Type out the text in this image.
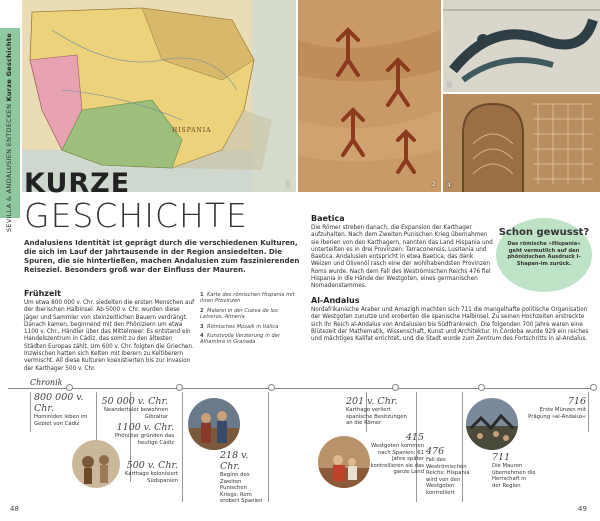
SEVILLA & ANDALUSIEN ENTDECKEN Kurze Geschichte
HISPANIA
1	2
3
4
KURZE
GESCHICHTE
Andalusiens Identität ist geprägt durch die verschiedenen Kulturen, die sich im Lauf der Jahrtausende in der Region ansiedelten. Die Spuren, die sie hinterließen, machen Andalusien zum faszinierenden Reiseziel. Besonders groß war der Einfluss der Mauren.
Frühzeit
Um etwa 800 000 v. Chr. siedelten die ersten Menschen auf der Iberischen Halbinsel. Ab 5000 v. Chr. wurden diese Jäger und Sammler von steinzeitlichen Bauern verdrängt. Danach kamen, beginnend mit den Phöniziern um etwa 1100 v. Chr., Händler über das Mittelmeer. Es entstand ein Handelszentrum in Cádiz, das somit zu den ältesten Städten Europas zählt. Um 600 v. Chr. folgten die Griechen. Inzwischen hatten sich Kelten mit Iberern zu Keltiberern vermischt. All diese Kulturen koexistierten bis zur Invasion der Karthager 500 v. Chr.
1 Karte des römischen Hispania mit ihren Provinzen
2 Malerei in der Cueva de los Letreros, Almería
3 Römisches Mosaik in Itálica
4 Kunstvolle Verzierung in der Alhambra in Granada
Baetica
Die Römer streben danach, die Expansion der Karthager aufzuhalten. Nach dem Zweiten Punischen Krieg übernahmen sie Iberien von den Karthagern, nannten das Land Hispania und unterteilten es in drei Provinzen: Tarraconensis, Lusitania und Baetica. Andalusien entspricht in etwa Baetica, das dank Weizen und Olivenöl rasch eine der wohlhabendsten Provinzen Roms wurde. Nach dem Fall des Weströmischen Reichs 476 fiel Hispania in die Hände der Westgoten, eines germanischen Nomadenstammes.
Al-Andalus
Nordafrikanische Araber und Amazigh machten sich 711 die mangelhafte politische Organisation der Westgoten zunutze und eroberten die spanische Halbinsel. Zu seinen Hochzeiten erstreckte sich ihr Reich al-Andalus von Andalusien bis Südfrankreich. Die folgenden 700 Jahre waren eine Blütezeit der Mathematik, Wissenschaft, Kunst und Architektur. In Córdoba wurde 929 ein reiches und mächtiges Kalifat errichtet, und die Stadt wurde zum Zentrum des Fortschritts in al-Andalus.
Schon gewusst?
Das römische »Hispania« geht vermutlich auf den phönizischen Ausdruck I-Shapan-im zurück.
Chronik
800 000 v. Chr.
Hominiden leben im Gebiet von Cádiz
50 000 v. Chr.
Neandertaler bewohnen Gibraltar
1100 v. Chr.
Phönizier gründen das heutige Cádiz
500 v. Chr.
Karthago kolonisiert Südspanien
218 v. Chr.
Beginn des Zweiten Punischen Kriegs; Rom erobert Spanien
201 v. Chr.
Karthago verliert spanische Besitzungen an die Römer
415
Westgoten kommen nach Spanien; 61 Jahre später kontrollieren sie das ganze Land
476
Fall des Weströmischen Reichs; Hispania wird von den Westgoten kontrolliert
711
Die Mauren übernehmen die Herrschaft in der Region
716
Erste Münzen mit Prägung »al-Andalus«
48	49
